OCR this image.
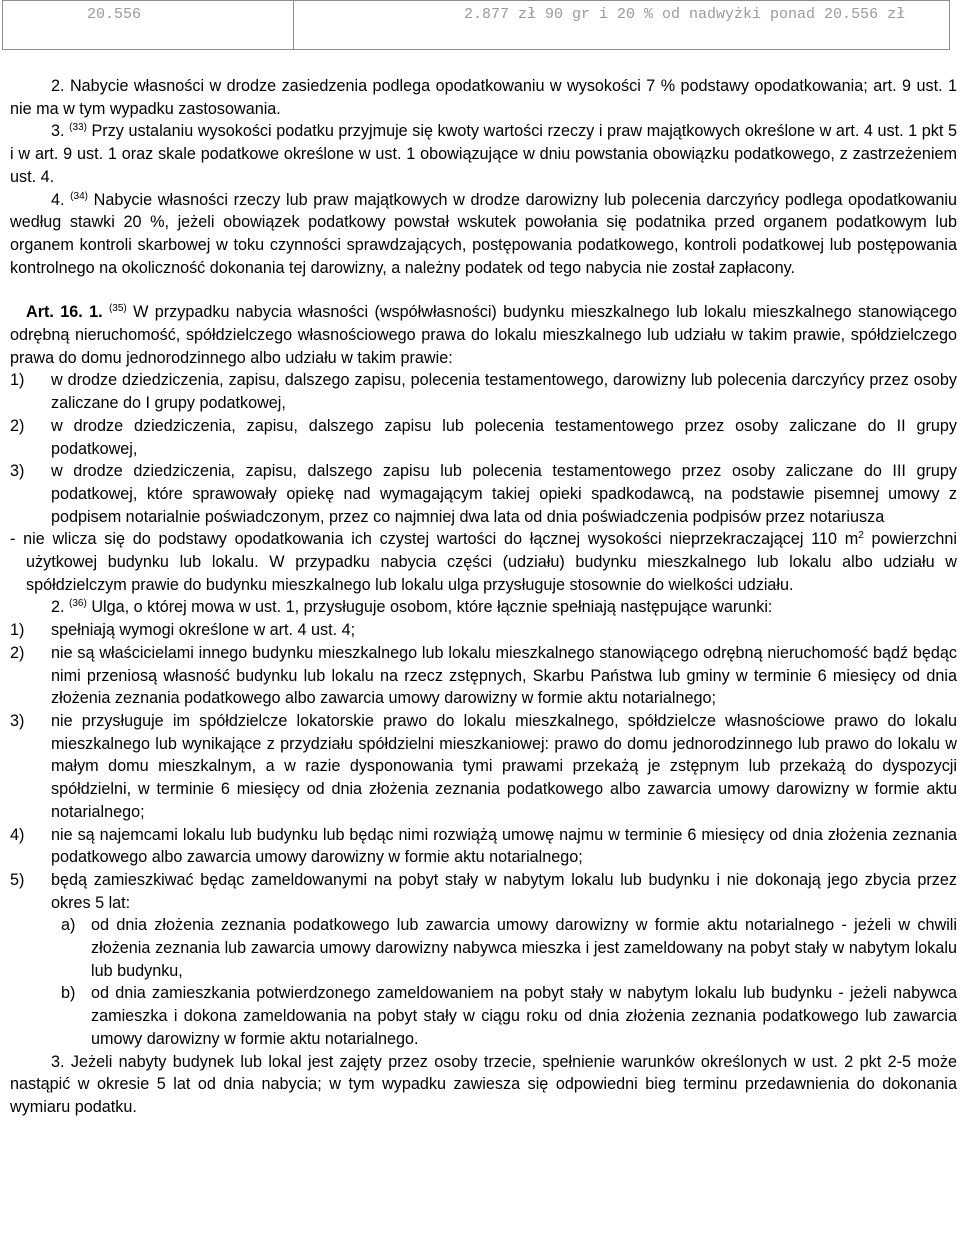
20.556	2.877 zł 90 gr i 20 % od nadwyżki ponad 20.556 zł

2. Nabycie własności w drodze zasiedzenia podlega opodatkowaniu w wysokości 7 % podstawy opodatkowania; art. 9 ust. 1 nie ma w tym wypadku zastosowania.

3. $^{(33)}$ Przy ustalaniu wysokości podatku przyjmuje się kwoty wartości rzeczy i praw majątkowych określone w art. 4 ust. 1 pkt 5 i w art. 9 ust. 1 oraz skale podatkowe określone w ust. 1 obowiązujące w dniu powstania obowiązku podatkowego, z zastrzeżeniem ust. 4.

4. $^{(34)}$ Nabycie własności rzeczy lub praw majątkowych w drodze darowizny lub polecenia darczyńcy podlega opodatkowaniu według stawki 20 %, jeżeli obowiązek podatkowy powstał wskutek powołania się podatnika przed organem podatkowym lub organem kontroli skarbowej w toku czynności sprawdzających, postępowania podatkowego, kontroli podatkowej lub postępowania kontrolnego na okoliczność dokonania tej darowizny, a należny podatek od tego nabycia nie został zapłacony.

Art. 16. 1. $^{(35)}$ W przypadku nabycia własności (współwłasności) budynku mieszkalnego lub lokalu mieszkalnego stanowiącego odrębną nieruchomość, spółdzielczego własnościowego prawa do lokalu mieszkalnego lub udziału w takim prawie, spółdzielczego prawa do domu jednorodzinnego albo udziału w takim prawie:

1)	w drodze dziedziczenia, zapisu, dalszego zapisu, polecenia testamentowego, darowizny lub polecenia darczyńcy przez osoby zaliczane do I grupy podatkowej,
2)	w drodze dziedziczenia, zapisu, dalszego zapisu lub polecenia testamentowego przez osoby zaliczane do II grupy podatkowej,
3)	w drodze dziedziczenia, zapisu, dalszego zapisu lub polecenia testamentowego przez osoby zaliczane do III grupy podatkowej, które sprawowały opiekę nad wymagającym takiej opieki spadkodawcą, na podstawie pisemnej umowy z podpisem notarialnie poświadczonym, przez co najmniej dwa lata od dnia poświadczenia podpisów przez notariusza

- nie wlicza się do podstawy opodatkowania ich czystej wartości do łącznej wysokości nieprzekraczającej 110 $m^2$ powierzchni użytkowej budynku lub lokalu. W przypadku nabycia części (udziału) budynku mieszkalnego lub lokalu albo udziału w spółdzielczym prawie do budynku mieszkalnego lub lokalu ulga przysługuje stosownie do wielkości udziału.

2. $^{(36)}$ Ulga, o której mowa w ust. 1, przysługuje osobom, które łącznie spełniają następujące warunki:

1)	spełniają wymogi określone w art. 4 ust. 4;
2)	nie są właścicielami innego budynku mieszkalnego lub lokalu mieszkalnego stanowiącego odrębną nieruchomość bądź będąc nimi przeniosą własność budynku lub lokalu na rzecz zstępnych, Skarbu Państwa lub gminy w terminie 6 miesięcy od dnia złożenia zeznania podatkowego albo zawarcia umowy darowizny w formie aktu notarialnego;
3)	nie przysługuje im spółdzielcze lokatorskie prawo do lokalu mieszkalnego, spółdzielcze własnościowe prawo do lokalu mieszkalnego lub wynikające z przydziału spółdzielni mieszkaniowej: prawo do domu jednorodzinnego lub prawo do lokalu w małym domu mieszkalnym, a w razie dysponowania tymi prawami przekażą je zstępnym lub przekażą do dyspozycji spółdzielni, w terminie 6 miesięcy od dnia złożenia zeznania podatkowego albo zawarcia umowy darowizny w formie aktu notarialnego;
4)	nie są najemcami lokalu lub budynku lub będąc nimi rozwiążą umowę najmu w terminie 6 miesięcy od dnia złożenia zeznania podatkowego albo zawarcia umowy darowizny w formie aktu notarialnego;
5)	będą zamieszkiwać będąc zameldowanymi na pobyt stały w nabytym lokalu lub budynku i nie dokonają jego zbycia przez okres 5 lat:
a) od dnia złożenia zeznania podatkowego lub zawarcia umowy darowizny w formie aktu notarialnego - jeżeli w chwili złożenia zeznania lub zawarcia umowy darowizny nabywca mieszka i jest zameldowany na pobyt stały w nabytym lokalu lub budynku,
b) od dnia zamieszkania potwierdzonego zameldowaniem na pobyt stały w nabytym lokalu lub budynku - jeżeli nabywca zamieszka i dokona zameldowania na pobyt stały w ciągu roku od dnia złożenia zeznania podatkowego lub zawarcia umowy darowizny w formie aktu notarialnego.

3. Jeżeli nabyty budynek lub lokal jest zajęty przez osoby trzecie, spełnienie warunków określonych w ust. 2 pkt 2-5 może nastąpić w okresie 5 lat od dnia nabycia; w tym wypadku zawiesza się odpowiedni bieg terminu przedawnienia do dokonania wymiaru podatku.
